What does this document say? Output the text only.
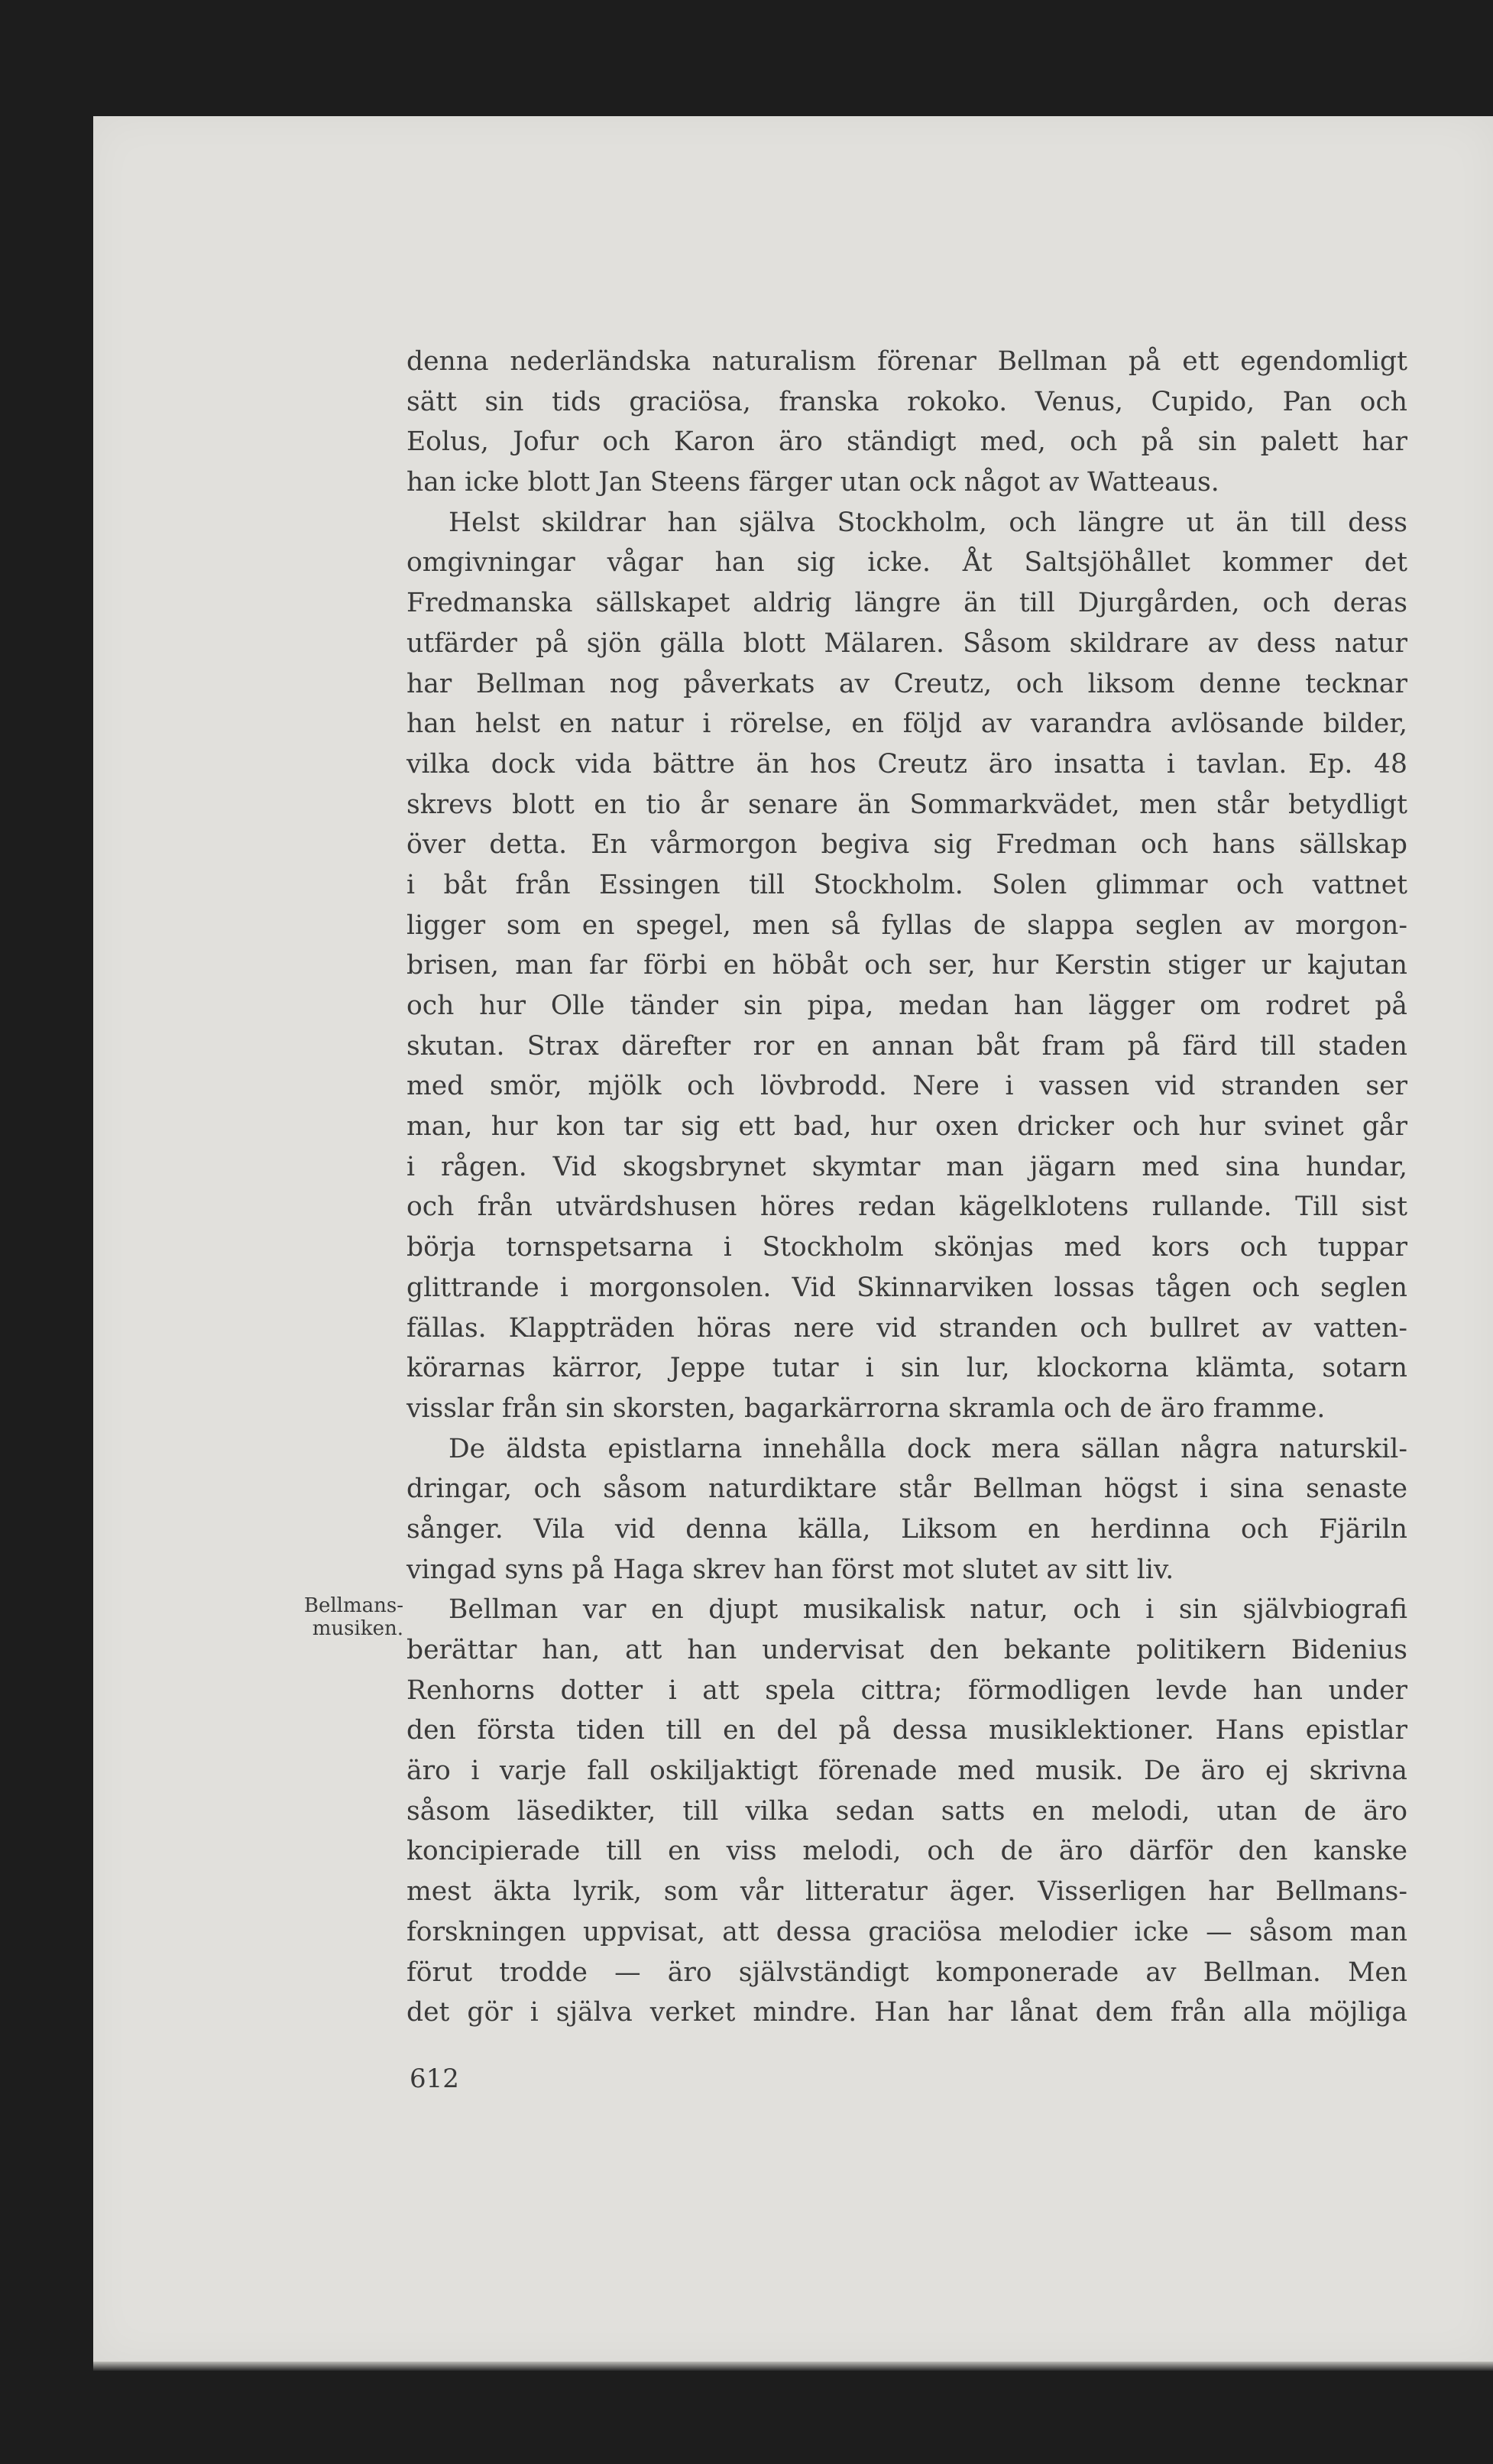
denna nederländska naturalism förenar Bellman på ett egendomligt
sätt sin tids graciösa, franska rokoko. Venus, Cupido, Pan och
Eolus, Jofur och Karon äro ständigt med, och på sin palett har
han icke blott Jan Steens färger utan ock något av Watteaus.
Helst skildrar han själva Stockholm, och längre ut än till dess
omgivningar vågar han sig icke. Åt Saltsjöhållet kommer det
Fredmanska sällskapet aldrig längre än till Djurgården, och deras
utfärder på sjön gälla blott Mälaren. Såsom skildrare av dess natur
har Bellman nog påverkats av Creutz, och liksom denne tecknar
han helst en natur i rörelse, en följd av varandra avlösande bilder,
vilka dock vida bättre än hos Creutz äro insatta i tavlan. Ep. 48
skrevs blott en tio år senare än Sommarkvädet, men står betydligt
över detta. En vårmorgon begiva sig Fredman och hans sällskap
i båt från Essingen till Stockholm. Solen glimmar och vattnet
ligger som en spegel, men så fyllas de slappa seglen av morgon-
brisen, man far förbi en höbåt och ser, hur Kerstin stiger ur kajutan
och hur Olle tänder sin pipa, medan han lägger om rodret på
skutan. Strax därefter ror en annan båt fram på färd till staden
med smör, mjölk och lövbrodd. Nere i vassen vid stranden ser
man, hur kon tar sig ett bad, hur oxen dricker och hur svinet går
i rågen. Vid skogsbrynet skymtar man jägarn med sina hundar,
och från utvärdshusen höres redan kägelklotens rullande. Till sist
börja tornspetsarna i Stockholm skönjas med kors och tuppar
glittrande i morgonsolen. Vid Skinnarviken lossas tågen och seglen
fällas. Klappträden höras nere vid stranden och bullret av vatten-
körarnas kärror, Jeppe tutar i sin lur, klockorna klämta, sotarn
visslar från sin skorsten, bagarkärrorna skramla och de äro framme.
De äldsta epistlarna innehålla dock mera sällan några naturskil-
dringar, och såsom naturdiktare står Bellman högst i sina senaste
sånger. Vila vid denna källa, Liksom en herdinna och Fjäriln
vingad syns på Haga skrev han först mot slutet av sitt liv.
Bellman var en djupt musikalisk natur, och i sin självbiografi
berättar han, att han undervisat den bekante politikern Bidenius
Renhorns dotter i att spela cittra; förmodligen levde han under
den första tiden till en del på dessa musiklektioner. Hans epistlar
äro i varje fall oskiljaktigt förenade med musik. De äro ej skrivna
såsom läsedikter, till vilka sedan satts en melodi, utan de äro
koncipierade till en viss melodi, och de äro därför den kanske
mest äkta lyrik, som vår litteratur äger. Visserligen har Bellmans-
forskningen uppvisat, att dessa graciösa melodier icke — såsom man
förut trodde — äro självständigt komponerade av Bellman. Men
det gör i själva verket mindre. Han har lånat dem från alla möjliga
Bellmans-
musiken.
612
